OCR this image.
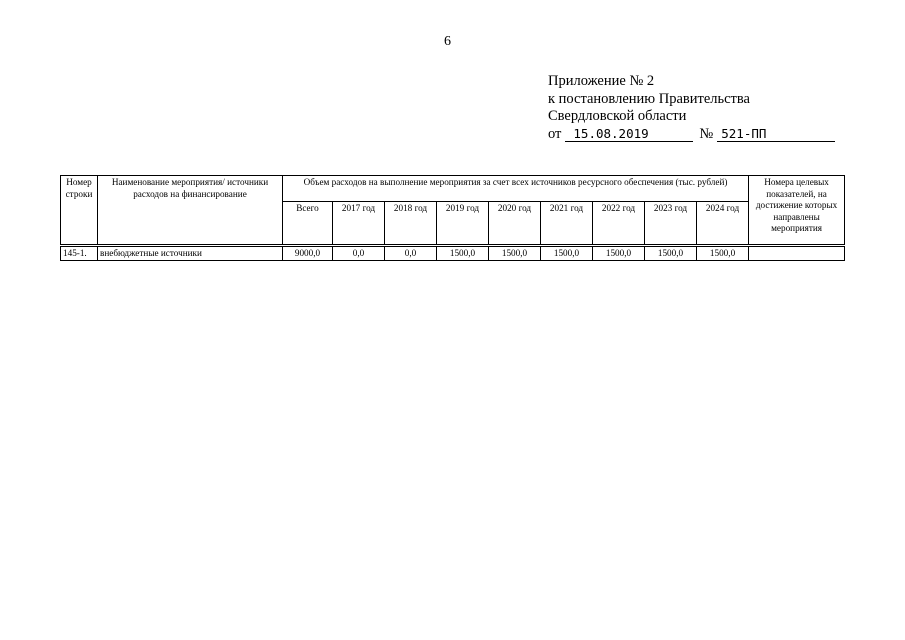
6
Приложение № 2
к постановлению Правительства
Свердловской области
от 15.08.2019	№ 521-ПП
Номер строки	Наименование мероприятия/ источники расходов на финансирование	Объем расходов на выполнение мероприятия за счет всех источников ресурсного обеспечения (тыс. рублей)									Номера целевых показателей, на достижение которых направлены мероприятия
		Всего	2017 год	2018 год	2019 год	2020 год	2021 год	2022 год	2023 год	2024 год	
145-1.	внебюджетные источники	9000,0	0,0	0,0	1500,0	1500,0	1500,0	1500,0	1500,0	1500,0	
